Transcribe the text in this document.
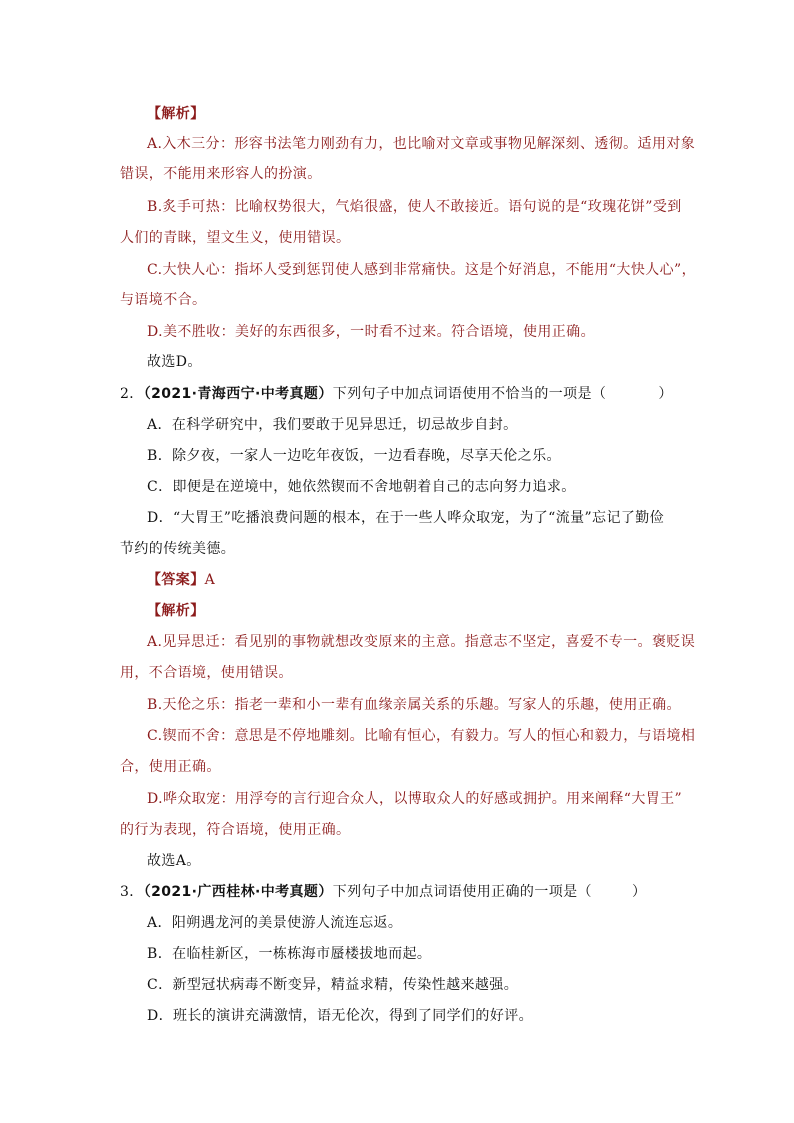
【解析】
A.入木三分：形容书法笔力刚劲有力，也比喻对文章或事物见解深刻、透彻。适用对象
错误，不能用来形容人的扮演。
B.炙手可热：比喻权势很大，气焰很盛，使人不敢接近。语句说的是“玫瑰花饼”受到
人们的青睐，望文生义，使用错误。
C.大快人心：指坏人受到惩罚使人感到非常痛快。这是个好消息，不能用“大快人心”，
与语境不合。
D.美不胜收：美好的东西很多，一时看不过来。符合语境，使用正确。
故选D。
2．（2021·青海西宁·中考真题）下列句子中加点词语使用不恰当的一项是（	）
A．在科学研究中，我们要敢于见异思迁，切忌故步自封。
B．除夕夜，一家人一边吃年夜饭，一边看春晚，尽享天伦之乐。
C．即便是在逆境中，她依然锲而不舍地朝着自己的志向努力追求。
D．“大胃王”吃播浪费问题的根本，在于一些人哗众取宠，为了“流量”忘记了勤俭
节约的传统美德。
【答案】A
【解析】
A.见异思迁：看见别的事物就想改变原来的主意。指意志不坚定，喜爱不专一。褒贬误
用，不合语境，使用错误。
B.天伦之乐：指老一辈和小一辈有血缘亲属关系的乐趣。写家人的乐趣，使用正确。
C.锲而不舍：意思是不停地雕刻。比喻有恒心，有毅力。写人的恒心和毅力，与语境相
合，使用正确。
D.哗众取宠：用浮夸的言行迎合众人，以博取众人的好感或拥护。用来阐释“大胃王”
的行为表现，符合语境，使用正确。
故选A。
3．（2021·广西桂林·中考真题）下列句子中加点词语使用正确的一项是（	）
A．阳朔遇龙河的美景使游人流连忘返。
B．在临桂新区，一栋栋海市蜃楼拔地而起。
C．新型冠状病毒不断变异，精益求精，传染性越来越强。
D．班长的演讲充满激情，语无伦次，得到了同学们的好评。
